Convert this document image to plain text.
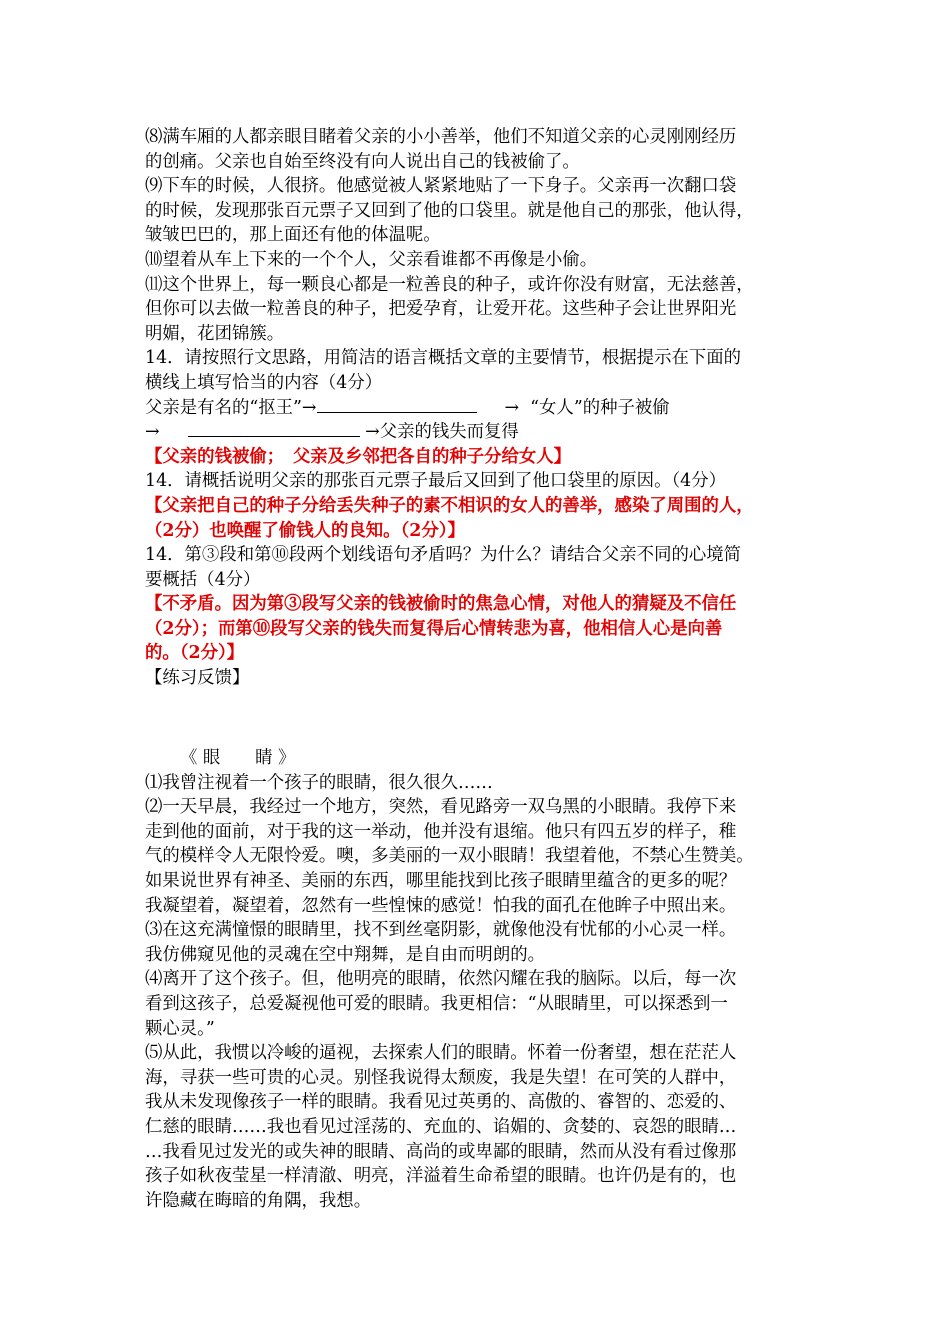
⑻满车厢的人都亲眼目睹着父亲的小小善举，他们不知道父亲的心灵刚刚经历

的创痛。父亲也自始至终没有向人说出自己的钱被偷了。

⑼下车的时候，人很挤。他感觉被人紧紧地贴了一下身子。父亲再一次翻口袋

的时候，发现那张百元票子又回到了他的口袋里。就是他自己的那张，他认得，

皱皱巴巴的，那上面还有他的体温呢。

⑽望着从车上下来的一个个人，父亲看谁都不再像是小偷。

⑾这个世界上，每一颗良心都是一粒善良的种子，或许你没有财富，无法慈善，

但你可以去做一粒善良的种子，把爱孕育，让爱开花。这些种子会让世界阳光

明媚，花团锦簇。

14．请按照行文思路，用简洁的语言概括文章的主要情节，根据提示在下面的

横线上填写恰当的内容（4分）

父亲是有名的“抠王”→	→ “女人”的种子被偷

→	→父亲的钱失而复得

【父亲的钱被偷；　父亲及乡邻把各自的种子分给女人】

14．请概括说明父亲的那张百元票子最后又回到了他口袋里的原因。（4分）

【父亲把自己的种子分给丢失种子的素不相识的女人的善举，感染了周围的人，

（2分）也唤醒了偷钱人的良知。（2分）】

14．第③段和第⑩段两个划线语句矛盾吗？为什么？请结合父亲不同的心境简

要概括（4分）

【不矛盾。因为第③段写父亲的钱被偷时的焦急心情，对他人的猜疑及不信任

（2分）；而第⑩段写父亲的钱失而复得后心情转悲为喜，他相信人心是向善

的。（2分）】

【练习反馈】

《 眼　　睛 》

⑴我曾注视着一个孩子的眼睛，很久很久……

⑵一天早晨，我经过一个地方，突然，看见路旁一双乌黑的小眼睛。我停下来

走到他的面前，对于我的这一举动，他并没有退缩。他只有四五岁的样子，稚

气的模样令人无限怜爱。噢，多美丽的一双小眼睛！我望着他，不禁心生赞美。

如果说世界有神圣、美丽的东西，哪里能找到比孩子眼睛里蕴含的更多的呢？

我凝望着，凝望着，忽然有一些惶悚的感觉！怕我的面孔在他眸子中照出来。

⑶在这充满憧憬的眼睛里，找不到丝毫阴影，就像他没有忧郁的小心灵一样。

我仿佛窥见他的灵魂在空中翔舞，是自由而明朗的。

⑷离开了这个孩子。但，他明亮的眼睛，依然闪耀在我的脑际。以后，每一次

看到这孩子，总爱凝视他可爱的眼睛。我更相信：“从眼睛里，可以探悉到一

颗心灵。”

⑸从此，我惯以冷峻的逼视，去探索人们的眼睛。怀着一份奢望，想在茫茫人

海，寻获一些可贵的心灵。别怪我说得太颓废，我是失望！在可笑的人群中，

我从未发现像孩子一样的眼睛。我看见过英勇的、高傲的、睿智的、恋爱的、

仁慈的眼睛……我也看见过淫荡的、充血的、谄媚的、贪婪的、哀怨的眼睛…

…我看见过发光的或失神的眼睛、高尚的或卑鄙的眼睛，然而从没有看过像那

孩子如秋夜莹星一样清澈、明亮，洋溢着生命希望的眼睛。也许仍是有的，也

许隐藏在晦暗的角隅，我想。
